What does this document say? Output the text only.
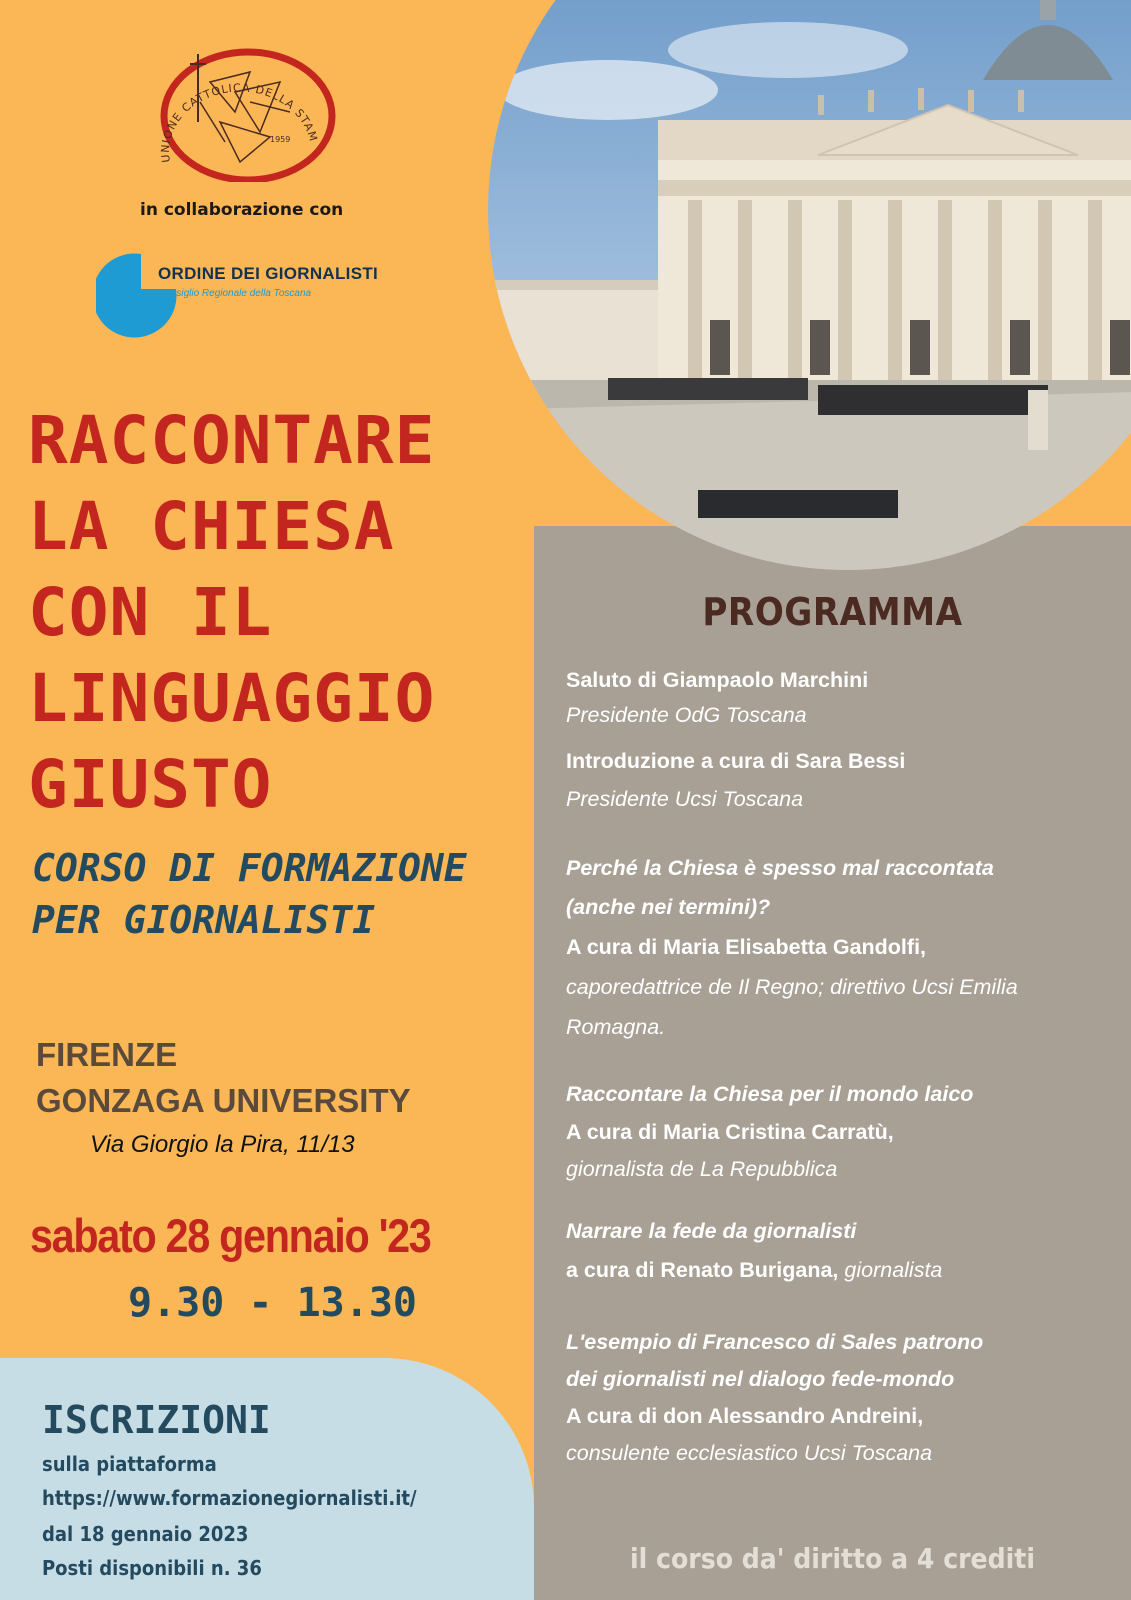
UNIONE CATTOLICA DELLA STAM
1959
in collaborazione con
ORDINE DEI GIORNALISTI
Consiglio Regionale della Toscana
RACCONTARE
LA CHIESA
CON IL
LINGUAGGIO
GIUSTO
CORSO DI FORMAZIONE
PER GIORNALISTI
FIRENZE
GONZAGA UNIVERSITY
Via Giorgio la Pira, 11/13
sabato 28 gennaio '23
9.30 - 13.30
ISCRIZIONI
sulla piattaforma
https://www.formazionegiornalisti.it/
dal 18 gennaio 2023
Posti disponibili n. 36
PROGRAMMA
Saluto di Giampaolo Marchini
Presidente OdG Toscana
Introduzione a cura di Sara Bessi
Presidente Ucsi Toscana
Perché la Chiesa è spesso mal raccontata
(anche nei termini)?
A cura di Maria Elisabetta Gandolfi,
caporedattrice de Il Regno; direttivo Ucsi Emilia
Romagna.
Raccontare la Chiesa per il mondo laico
A cura di Maria Cristina Carratù,
giornalista de La Repubblica
Narrare la fede da giornalisti
a cura di Renato Burigana, giornalista
L'esempio di Francesco di Sales patrono
dei giornalisti nel dialogo fede-mondo
A cura di don Alessandro Andreini,
consulente ecclesiastico Ucsi Toscana
il corso da' diritto a 4 crediti
